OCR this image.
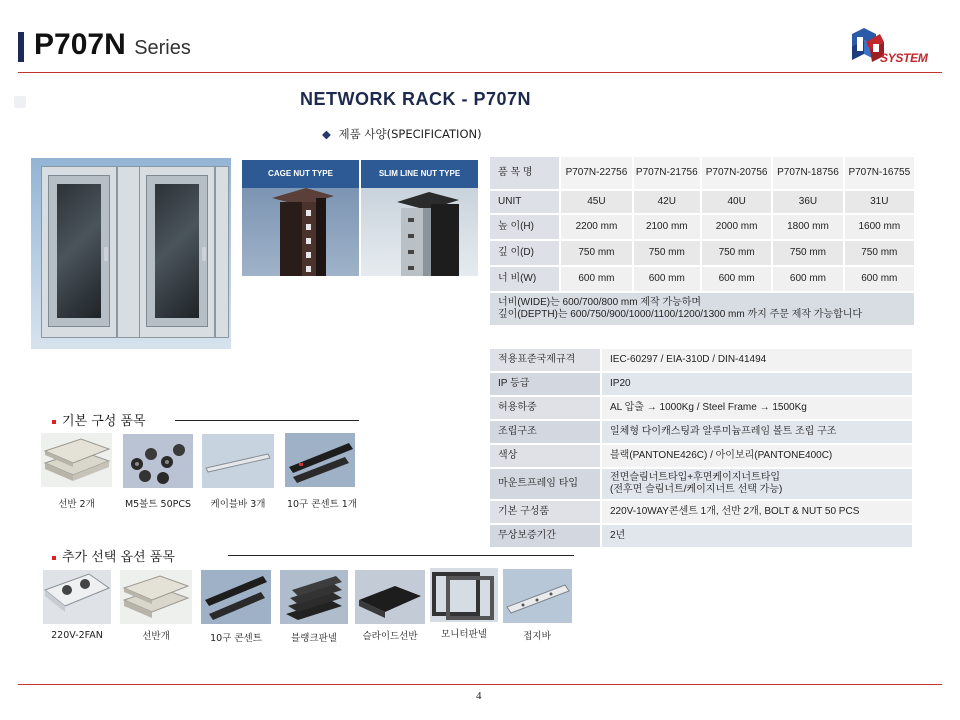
P707N Series	SYSTEM
NETWORK RACK - P707N
◆ 제품 사양(SPECIFICATION)
CAGE NUT TYPE	SLIM LINE NUT TYPE	품 목 명	P707N-22756	P707N-21756	P707N-20756	P707N-18756	P707N-16755
UNIT	45U	42U	40U	36U	31U
높 이(H)	2200 mm	2100 mm	2000 mm	1800 mm	1600 mm
깊 이(D)	750 mm	750 mm	750 mm	750 mm	750 mm
너 비(W)	600 mm	600 mm	600 mm	600 mm	600 mm

너비(WIDE)는 600/700/800 mm 제작 가능하며
깊이(DEPTH)는 600/750/900/1000/1100/1200/1300 mm 까지 주문 제작 가능합니다					
적용표준국제규격	IEC-60297 / EIA-310D / DIN-41494
IP 등급	IP20
허용하중	AL 압출 → 1000Kg / Steel Frame → 1500Kg
조립구조	일체형 다이캐스팅과 알루미늄프레임 볼트 조립 구조
색상	블랙(PANTONE426C) / 아이보리(PANTONE400C)
마운트프레임 타입	전면슬림너트타입+후면케이지너트타입
(전후면 슬림너트/케이지너트 선택 가능)

기본 구성품	220V-10WAY콘센트 1개, 선반 2개, BOLT & NUT 50 PCS
무상보증기간	2년
기본 구성 품목
선반 2개	M5볼트 50PCS	케이블바 3개	10구 콘센트 1개
추가 선택 옵션 품목
220V-2FAN	선반개	10구 콘센트	블랭크판넬	슬라이드선반	모니터판넬	접지바
4
